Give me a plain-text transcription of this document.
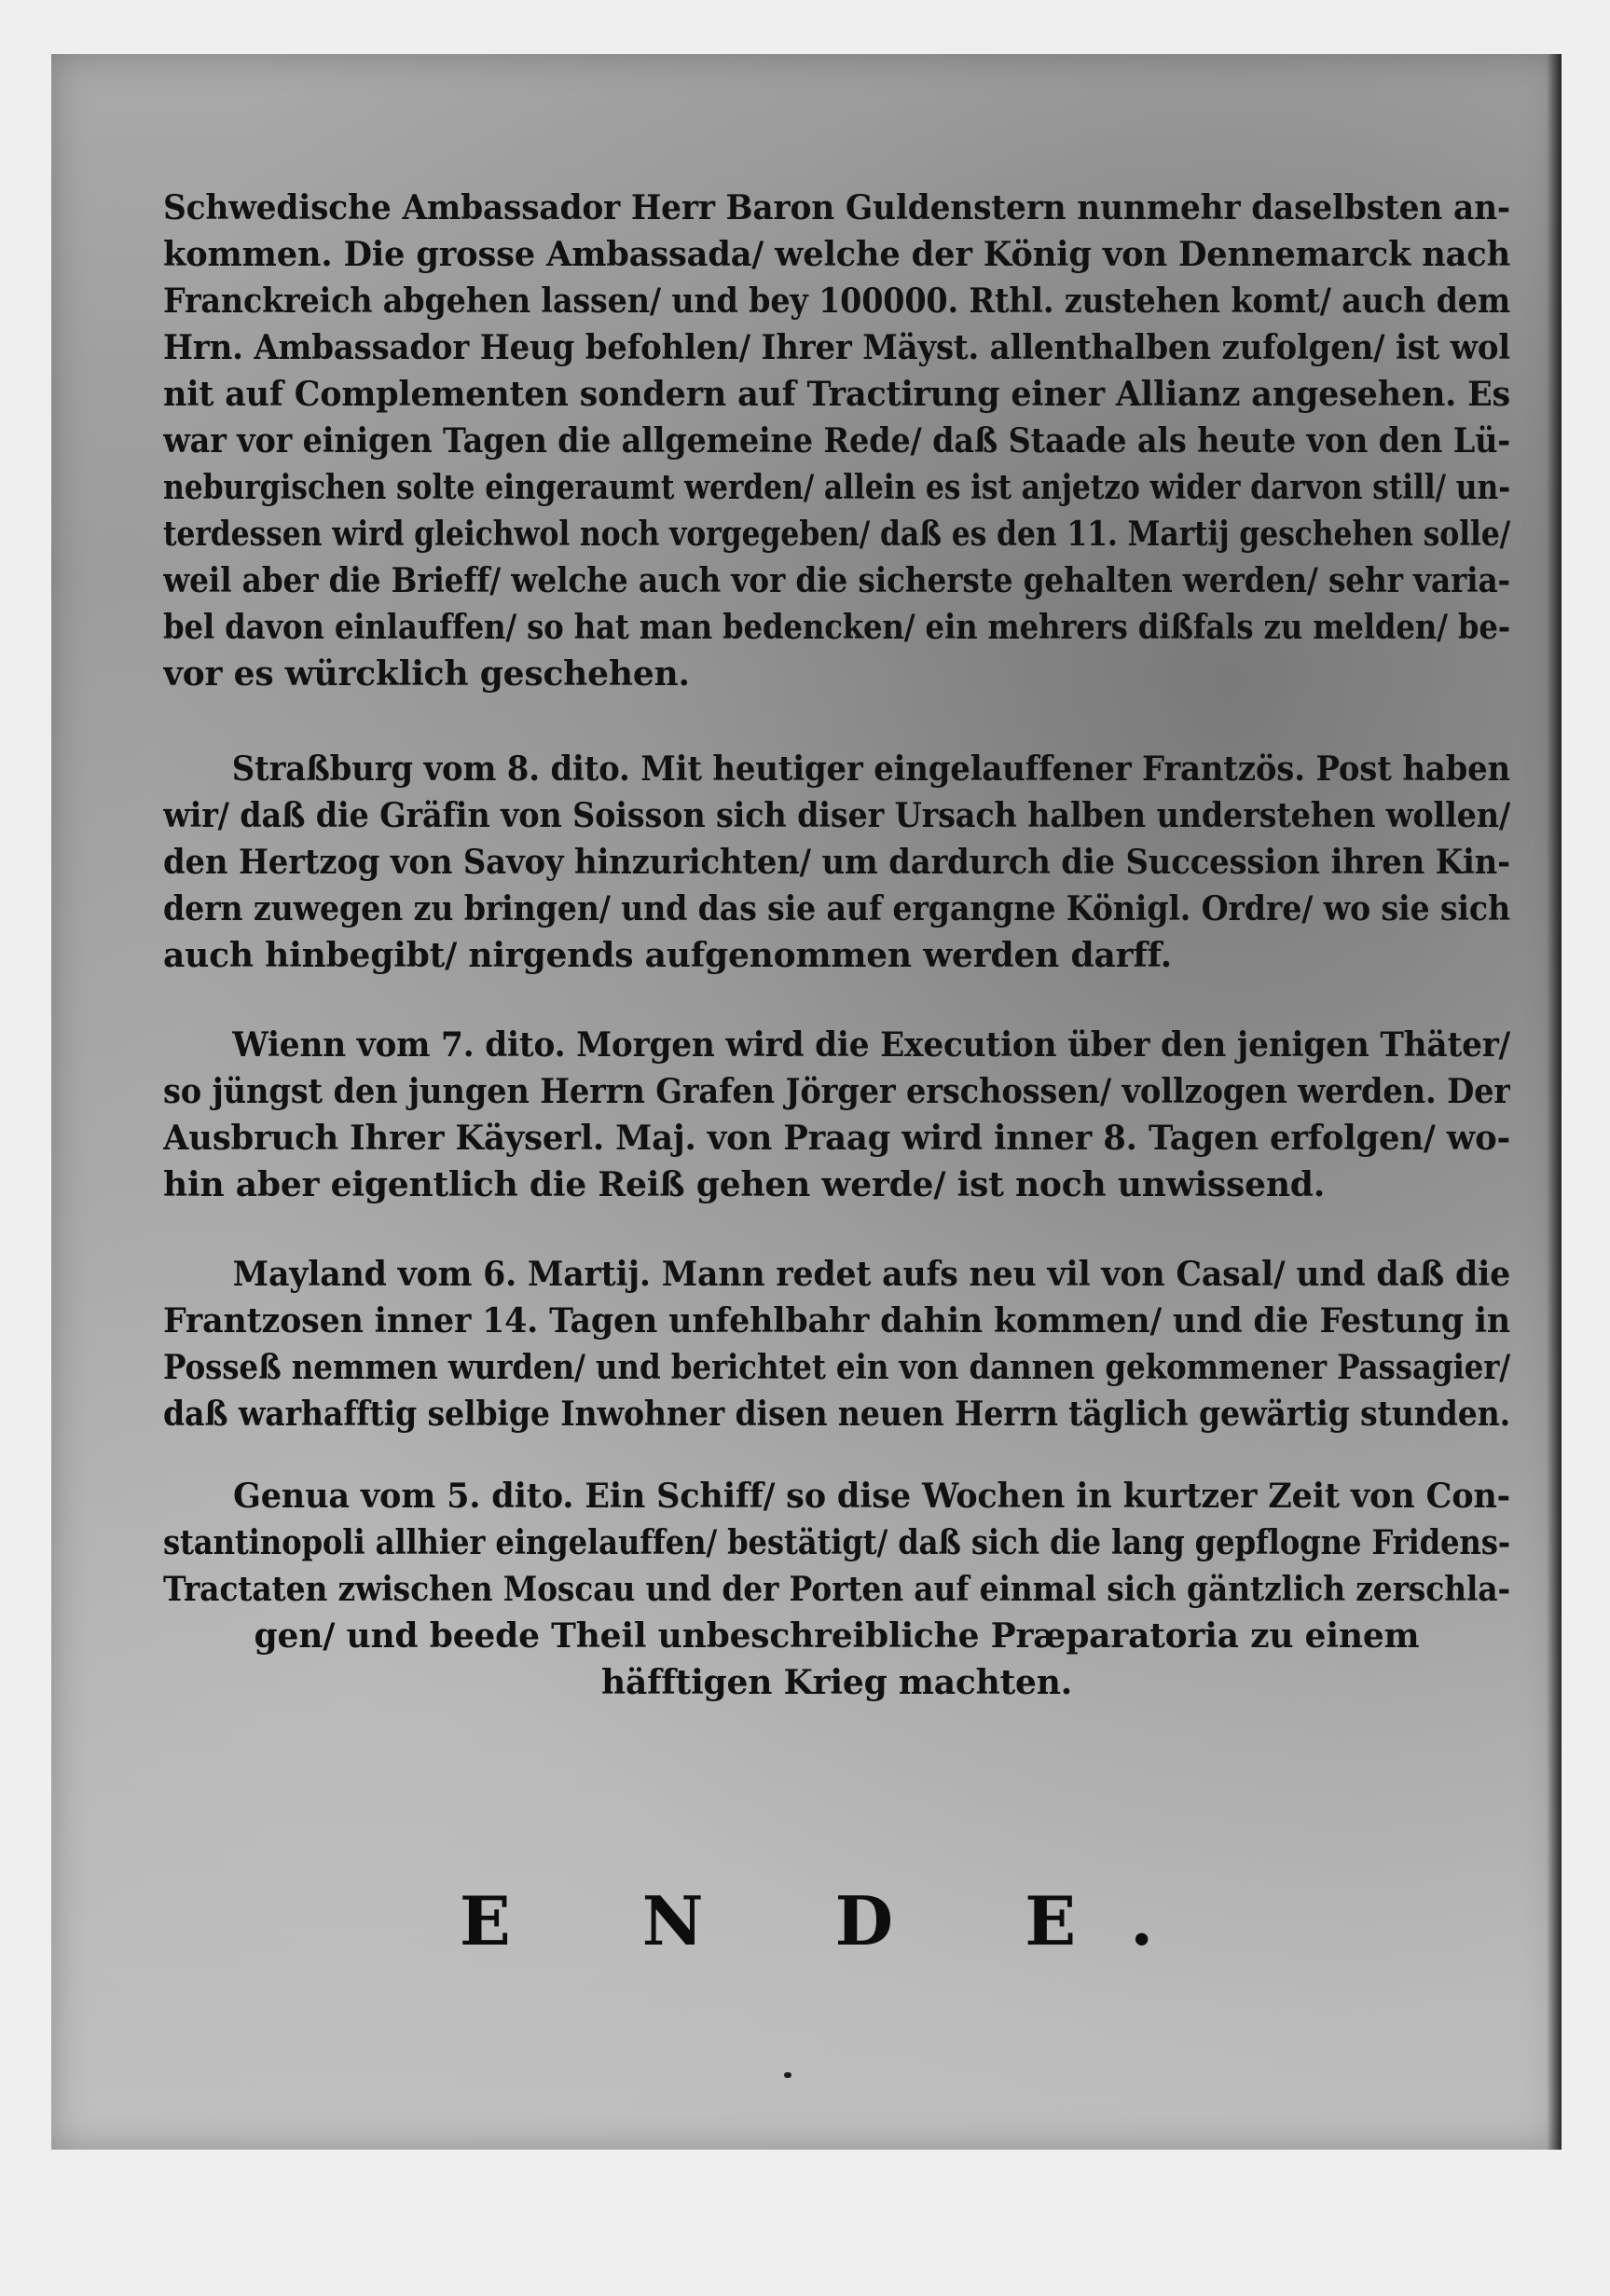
Schwedische Ambassador Herr Baron Guldenstern nunmehr daselbsten an-
kommen. Die grosse Ambassada/ welche der König von Dennemarck nach
Franckreich abgehen lassen/ und bey 100000. Rthl. zustehen komt/ auch dem
Hrn. Ambassador Heug befohlen/ Ihrer Mäyst. allenthalben zufolgen/ ist wol
nit auf Complementen sondern auf Tractirung einer Allianz angesehen. Es
war vor einigen Tagen die allgemeine Rede/ daß Staade als heute von den Lü-
neburgischen solte eingeraumt werden/ allein es ist anjetzo wider darvon still/ un-
terdessen wird gleichwol noch vorgegeben/ daß es den 11. Martij geschehen solle/
weil aber die Brieff/ welche auch vor die sicherste gehalten werden/ sehr varia-
bel davon einlauffen/ so hat man bedencken/ ein mehrers dißfals zu melden/ be-
vor es würcklich geschehen.

Straßburg vom 8. dito. Mit heutiger eingelauffener Frantzös. Post haben
wir/ daß die Gräfin von Soisson sich diser Ursach halben understehen wollen/
den Hertzog von Savoy hinzurichten/ um dardurch die Succession ihren Kin-
dern zuwegen zu bringen/ und das sie auf ergangne Königl. Ordre/ wo sie sich
auch hinbegibt/ nirgends aufgenommen werden darff.

Wienn vom 7. dito. Morgen wird die Execution über den jenigen Thäter/
so jüngst den jungen Herrn Grafen Jörger erschossen/ vollzogen werden. Der
Ausbruch Ihrer Käyserl. Maj. von Praag wird inner 8. Tagen erfolgen/ wo-
hin aber eigentlich die Reiß gehen werde/ ist noch unwissend.

Mayland vom 6. Martij. Mann redet aufs neu vil von Casal/ und daß die
Frantzosen inner 14. Tagen unfehlbahr dahin kommen/ und die Festung in
Posseß nemmen wurden/ und berichtet ein von dannen gekommener Passagier/
daß warhafftig selbige Inwohner disen neuen Herrn täglich gewärtig stunden.

Genua vom 5. dito. Ein Schiff/ so dise Wochen in kurtzer Zeit von Con-
stantinopoli allhier eingelauffen/ bestätigt/ daß sich die lang gepflogne Fridens-
Tractaten zwischen Moscau und der Porten auf einmal sich gäntzlich zerschla-
gen/ und beede Theil unbeschreibliche Præparatoria zu einem
häfftigen Krieg machten.

E N D E.
